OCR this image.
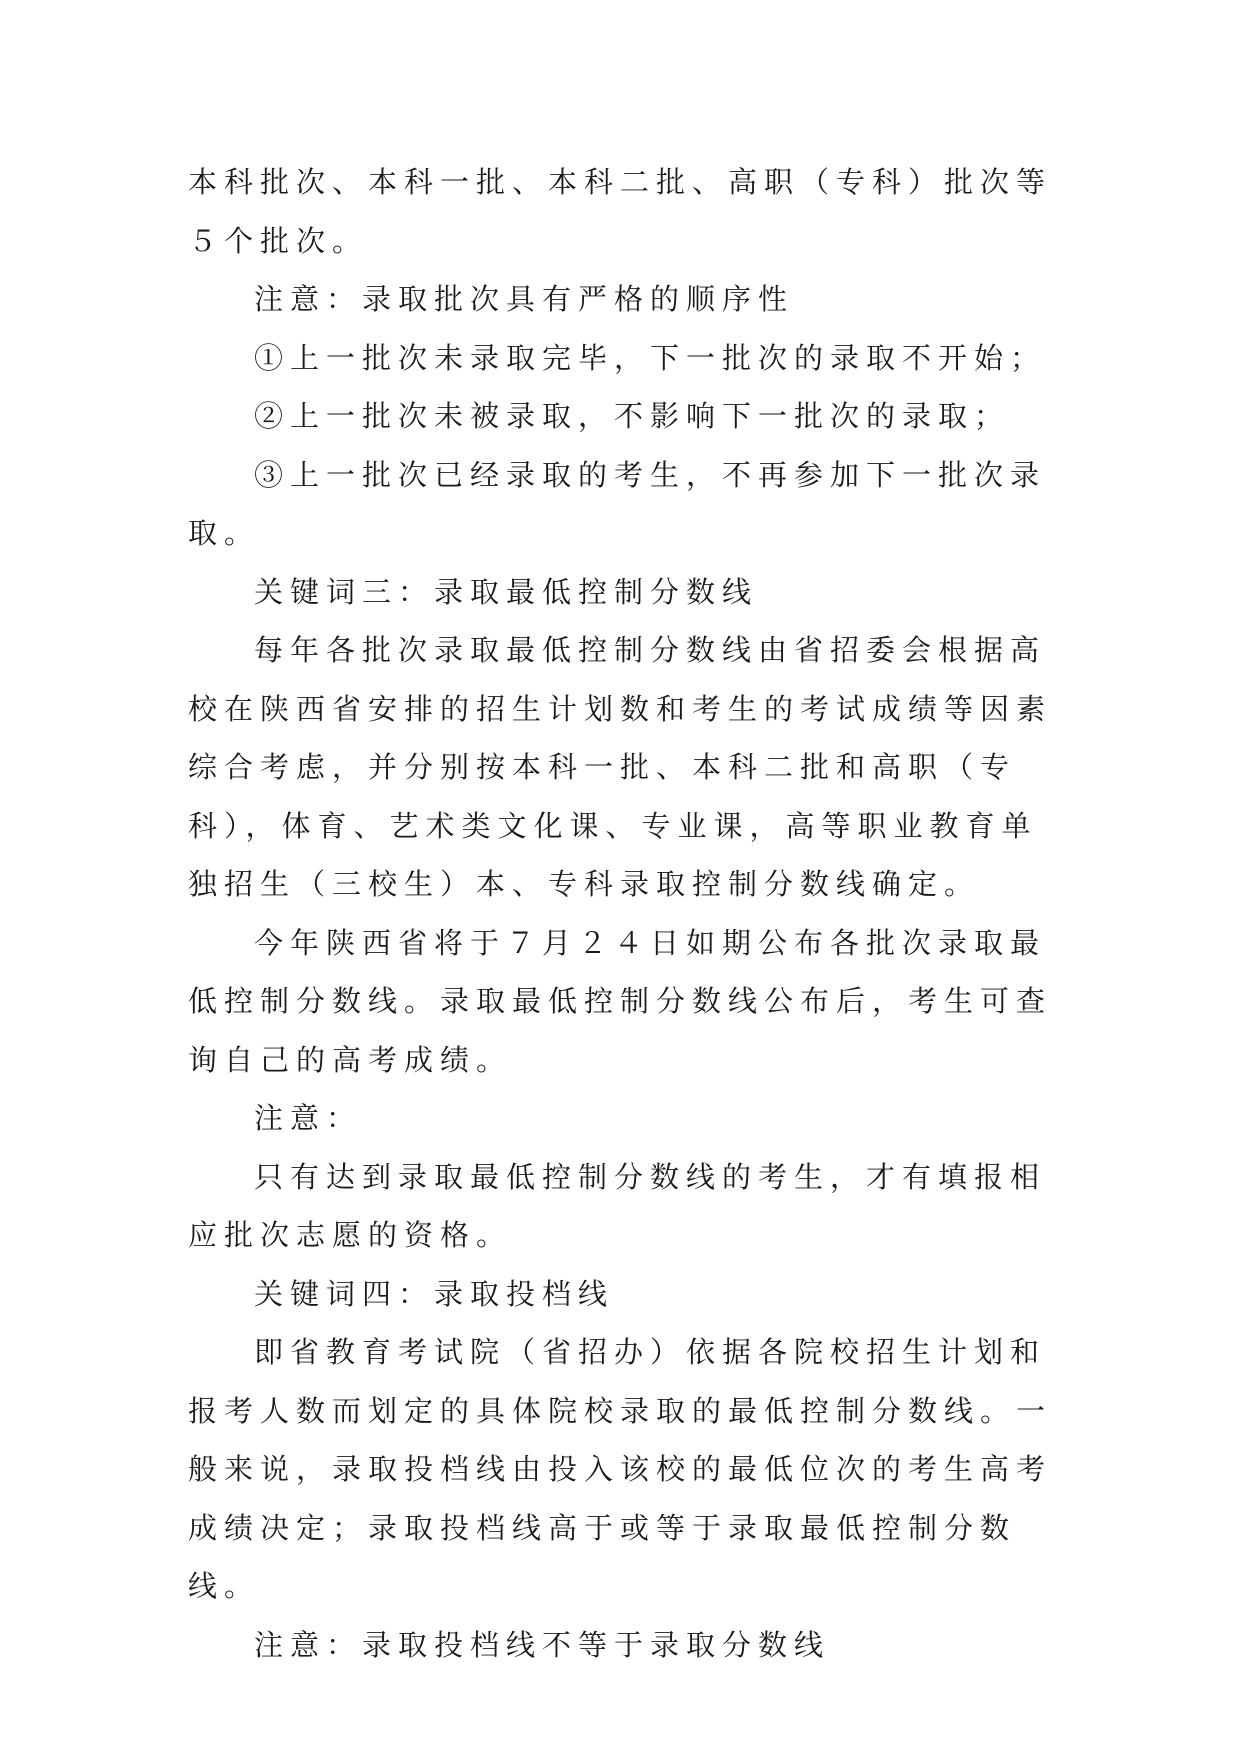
本科批次、本科一批、本科二批、高职（专科）批次等５个批次。

注意：录取批次具有严格的顺序性

①上一批次未录取完毕，下一批次的录取不开始；

②上一批次未被录取，不影响下一批次的录取；

③上一批次已经录取的考生，不再参加下一批次录取。

关键词三：录取最低控制分数线

每年各批次录取最低控制分数线由省招委会根据高校在陕西省安排的招生计划数和考生的考试成绩等因素综合考虑，并分别按本科一批、本科二批和高职（专科），体育、艺术类文化课、专业课，高等职业教育单独招生（三校生）本、专科录取控制分数线确定。

今年陕西省将于７月２４日如期公布各批次录取最低控制分数线。录取最低控制分数线公布后，考生可查询自己的高考成绩。

注意：

只有达到录取最低控制分数线的考生，才有填报相应批次志愿的资格。

关键词四：录取投档线

即省教育考试院（省招办）依据各院校招生计划和报考人数而划定的具体院校录取的最低控制分数线。一般来说，录取投档线由投入该校的最低位次的考生高考成绩决定；录取投档线高于或等于录取最低控制分数线。

注意：录取投档线不等于录取分数线
